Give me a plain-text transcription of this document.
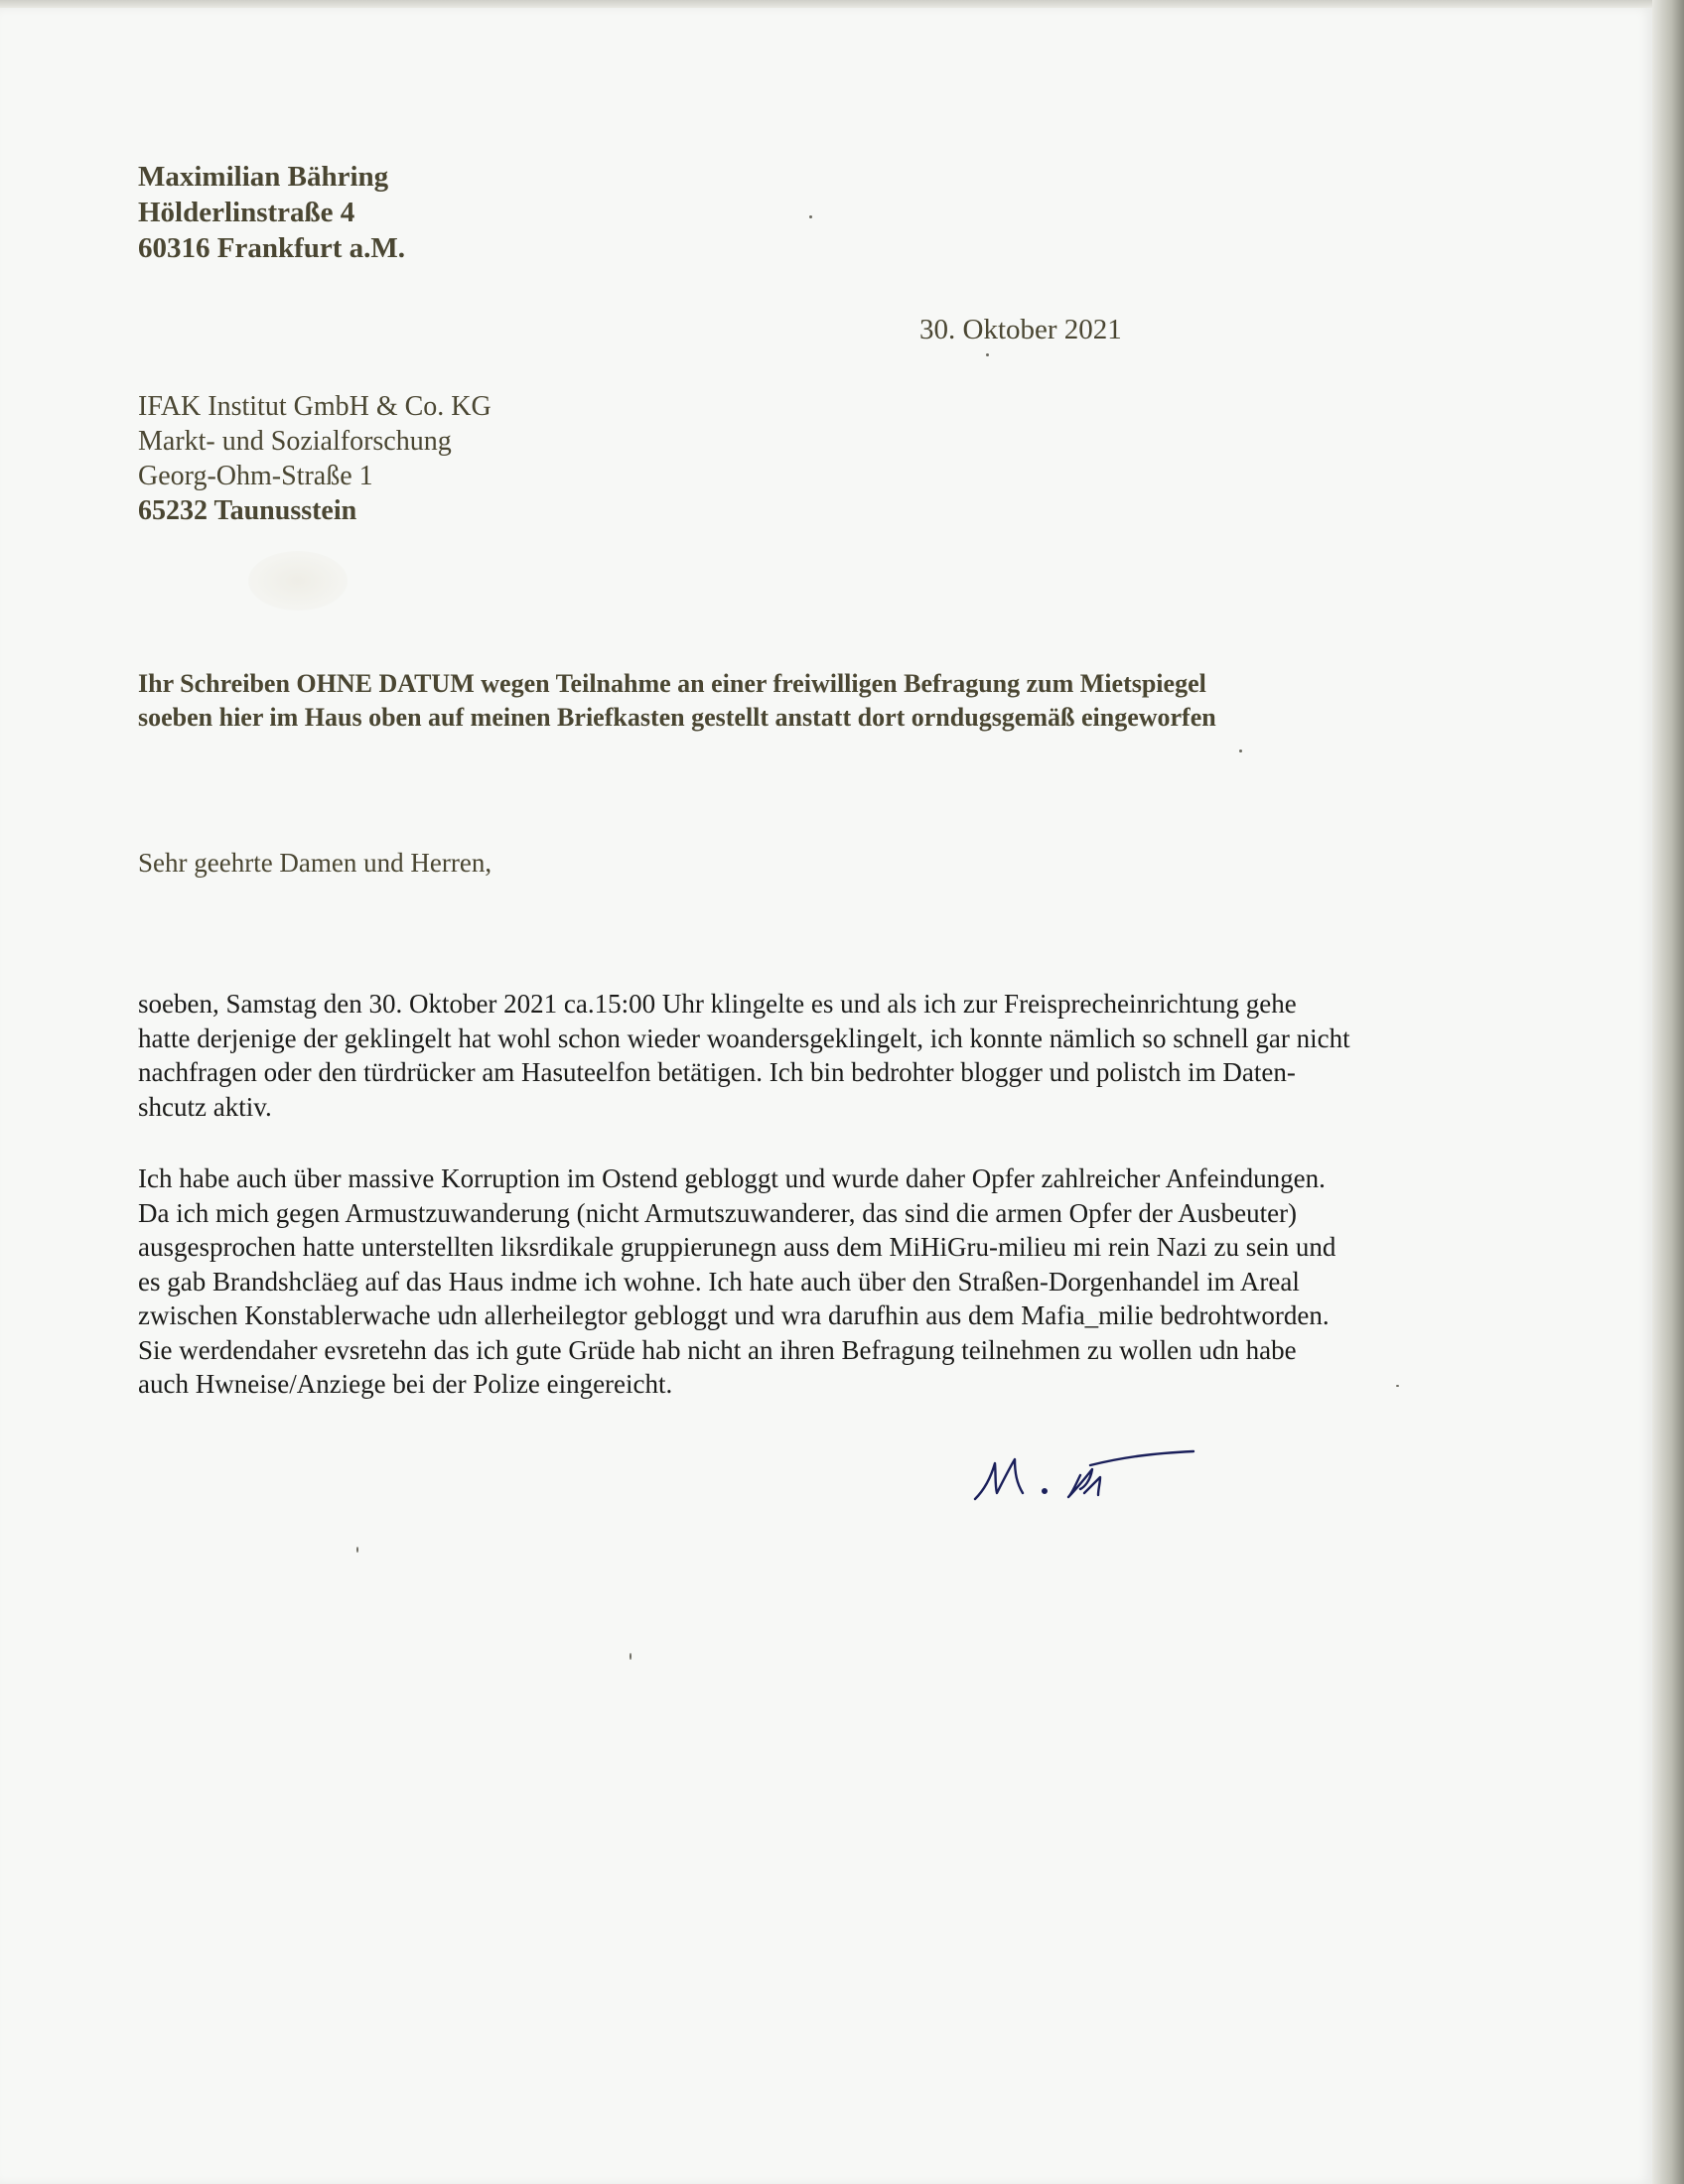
Maximilian Bähring
Hölderlinstraße 4
60316 Frankfurt a.M.
30. Oktober 2021
IFAK Institut GmbH & Co. KG
Markt- und Sozialforschung
Georg-Ohm-Straße 1
65232 Taunusstein
Ihr Schreiben OHNE DATUM wegen Teilnahme an einer freiwilligen Befragung zum Mietspiegel
soeben hier im Haus oben auf meinen Briefkasten gestellt anstatt dort orndugsgemäß eingeworfen
Sehr geehrte Damen und Herren,
soeben, Samstag den 30. Oktober 2021 ca.15:00 Uhr klingelte es und als ich zur Freisprecheinrichtung gehe
hatte derjenige der geklingelt hat wohl schon wieder woandersgeklingelt, ich konnte nämlich so schnell gar nicht
nachfragen oder den türdrücker am Hasuteelfon betätigen. Ich bin bedrohter blogger und polistch im Daten-
shcutz aktiv.
Ich habe auch über massive Korruption im Ostend gebloggt und wurde daher Opfer zahlreicher Anfeindungen.
Da ich mich gegen Armustzuwanderung (nicht Armutszuwanderer, das sind die armen Opfer der Ausbeuter)
ausgesprochen hatte unterstellten liksrdikale gruppierunegn auss dem MiHiGru-milieu mi rein Nazi zu sein und
es gab Brandshcläeg auf das Haus indme ich wohne. Ich hate auch über den Straßen-Dorgenhandel im Areal
zwischen Konstablerwache udn allerheilegtor gebloggt und wra darufhin aus dem Mafia_milie bedrohtworden.
Sie werdendaher evsretehn das ich gute Grüde hab nicht an ihren Befragung teilnehmen zu wollen udn habe
auch Hwneise/Anziege bei der Polize eingereicht.
